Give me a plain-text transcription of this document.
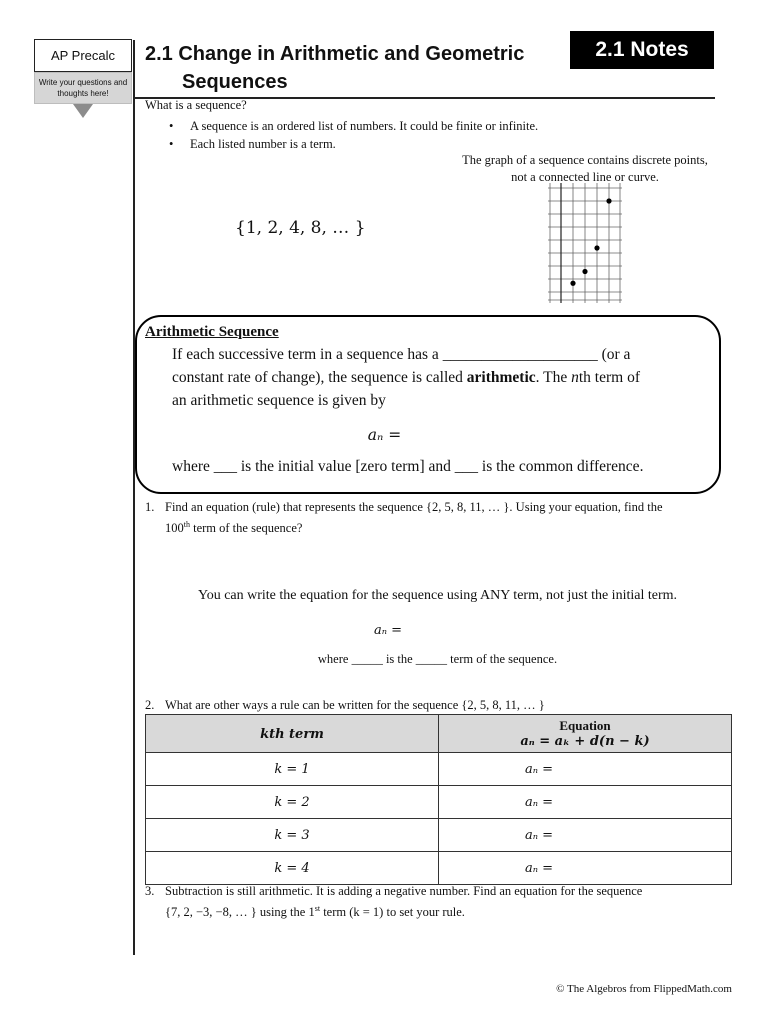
AP Precalc
Write your questions and thoughts here!
2.1 Change in Arithmetic and Geometric
Sequences
2.1 Notes
What is a sequence?
• A sequence is an ordered list of numbers. It could be finite or infinite.
• Each listed number is a term.
{1, 2, 4, 8, … }
The graph of a sequence contains discrete points,
not a connected line or curve.
Arithmetic Sequence
If each successive term in a sequence has a ____________________ (or a
constant rate of change), the sequence is called arithmetic. The nth term of
an arithmetic sequence is given by
aₙ =
where ___ is the initial value [zero term] and ___ is the common difference.
1. Find an equation (rule) that represents the sequence {2, 5, 8, 11, … }. Using your equation, find the
100th term of the sequence?
You can write the equation for the sequence using ANY term, not just the initial term.
aₙ =
where _____ is the _____ term of the sequence.
2. What are other ways a rule can be written for the sequence {2, 5, 8, 11, … }
kth term	Equation
aₙ = aₖ + d(n − k)

k = 1	aₙ =
k = 2	aₙ =
k = 3	aₙ =
k = 4	aₙ =
3. Subtraction is still arithmetic. It is adding a negative number. Find an equation for the sequence
{7, 2, −3, −8, … } using the 1st term (k = 1) to set your rule.
© The Algebros from FlippedMath.com
